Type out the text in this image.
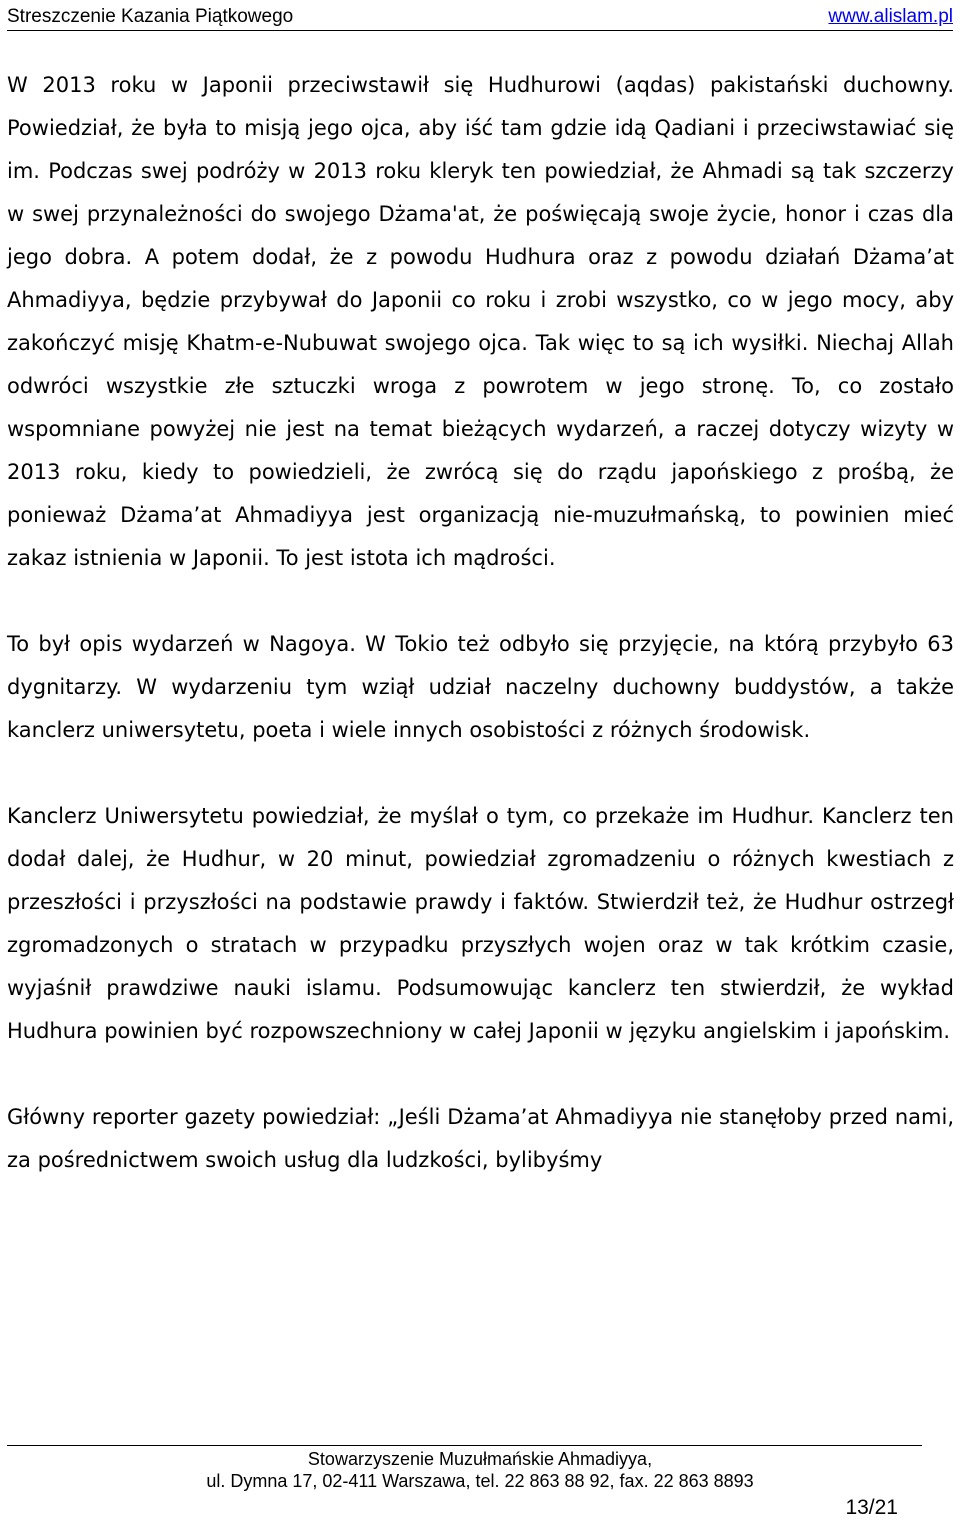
Streszczenie Kazania Piątkowego	www.alislam.pl

W 2013 roku w Japonii przeciwstawił się Hudhurowi (aqdas) pakistański duchowny. Powiedział, że była to misją jego ojca, aby iść tam gdzie idą Qadiani i przeciwstawiać się im. Podczas swej podróży w 2013 roku kleryk ten powiedział, że Ahmadi są tak szczerzy w swej przynależności do swojego Dżama'at, że poświęcają swoje życie, honor i czas dla jego dobra. A potem dodał, że z powodu Hudhura oraz z powodu działań Dżama’at Ahmadiyya, będzie przybywał do Japonii co roku i zrobi wszystko, co w jego mocy, aby zakończyć misję Khatm-e-Nubuwat swojego ojca. Tak więc to są ich wysiłki. Niechaj Allah odwróci wszystkie złe sztuczki wroga z powrotem w jego stronę. To, co zostało wspomniane powyżej nie jest na temat bieżących wydarzeń, a raczej dotyczy wizyty w 2013 roku, kiedy to powiedzieli, że zwrócą się do rządu japońskiego z prośbą, że ponieważ Dżama’at Ahmadiyya jest organizacją nie-muzułmańską, to powinien mieć zakaz istnienia w Japonii. To jest istota ich mądrości.

To był opis wydarzeń w Nagoya. W Tokio też odbyło się przyjęcie, na którą przybyło 63 dygnitarzy. W wydarzeniu tym wziął udział naczelny duchowny buddystów, a także kanclerz uniwersytetu, poeta i wiele innych osobistości z różnych środowisk.

Kanclerz Uniwersytetu powiedział, że myślał o tym, co przekaże im Hudhur. Kanclerz ten dodał dalej, że Hudhur, w 20 minut, powiedział zgromadzeniu o różnych kwestiach z przeszłości i przyszłości na podstawie prawdy i faktów. Stwierdził też, że Hudhur ostrzegł zgromadzonych o stratach w przypadku przyszłych wojen oraz w tak krótkim czasie, wyjaśnił prawdziwe nauki islamu. Podsumowując kanclerz ten stwierdził, że wykład Hudhura powinien być rozpowszechniony w całej Japonii w języku angielskim i japońskim.

Główny reporter gazety powiedział: „Jeśli Dżama’at Ahmadiyya nie stanęłoby przed nami, za pośrednictwem swoich usług dla ludzkości, bylibyśmy

Stowarzyszenie Muzułmańskie Ahmadiyya,
ul. Dymna 17, 02-411 Warszawa, tel. 22 863 88 92, fax. 22 863 8893
13/21
